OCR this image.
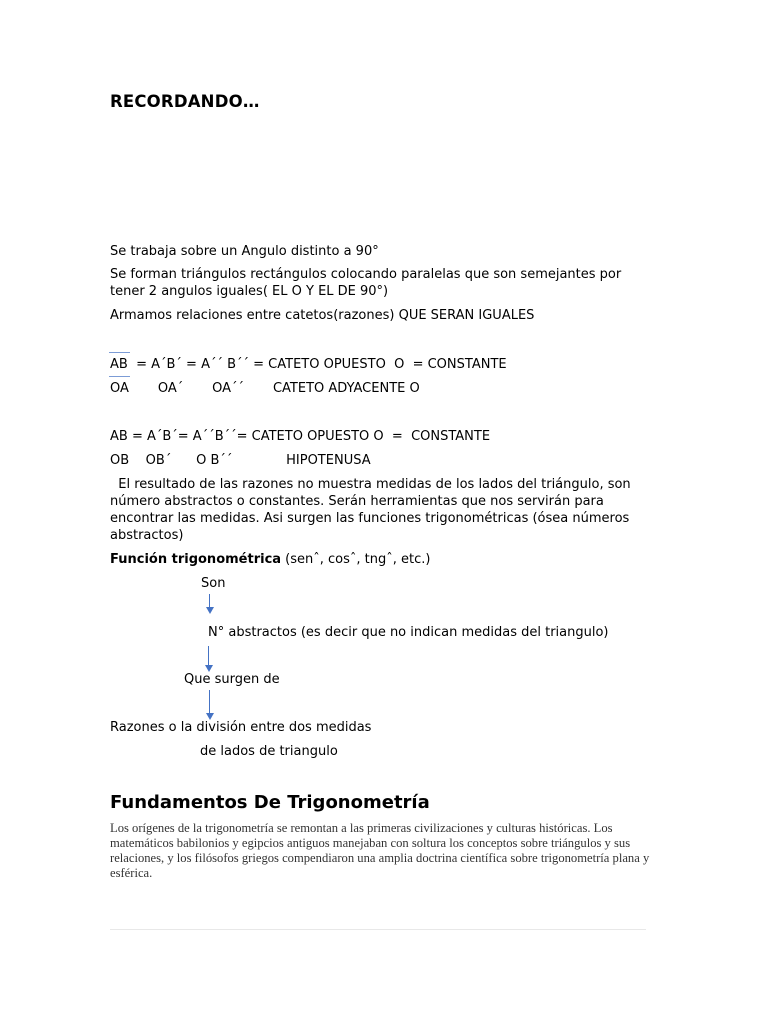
RECORDANDO…
Se trabaja sobre un Angulo distinto a 90°
Se forman triángulos rectángulos colocando paralelas que son semejantes por tener 2 angulos iguales( EL O Y EL DE 90°)
Armamos relaciones entre catetos(razones) QUE SERAN IGUALES
AB  = A´B´ = A´´ B´´ = CATETO OPUESTO  O  = CONSTANTE
OA       OA´       OA´´       CATETO ADYACENTE O
AB = A´B´= A´´B´´= CATETO OPUESTO O  =  CONSTANTE
OB    OB´      O B´´             HIPOTENUSA
El resultado de las razones no muestra medidas de los lados del triángulo, son número abstractos o constantes. Serán herramientas que nos servirán para encontrar las medidas. Asi surgen las funciones trigonométricas (ósea números abstractos)
Función trigonométrica (senˆ, cosˆ, tngˆ, etc.)
Son
N° abstractos (es decir que no indican medidas del triangulo)
Que surgen de
Razones o la división entre dos medidas
de lados de triangulo
Fundamentos De Trigonometría
Los orígenes de la trigonometría se remontan a las primeras civilizaciones y culturas históricas. Los matemáticos babilonios y egipcios antiguos manejaban con soltura los conceptos sobre triángulos y sus relaciones, y los filósofos griegos compendiaron una amplia doctrina científica sobre trigonometría plana y esférica.
